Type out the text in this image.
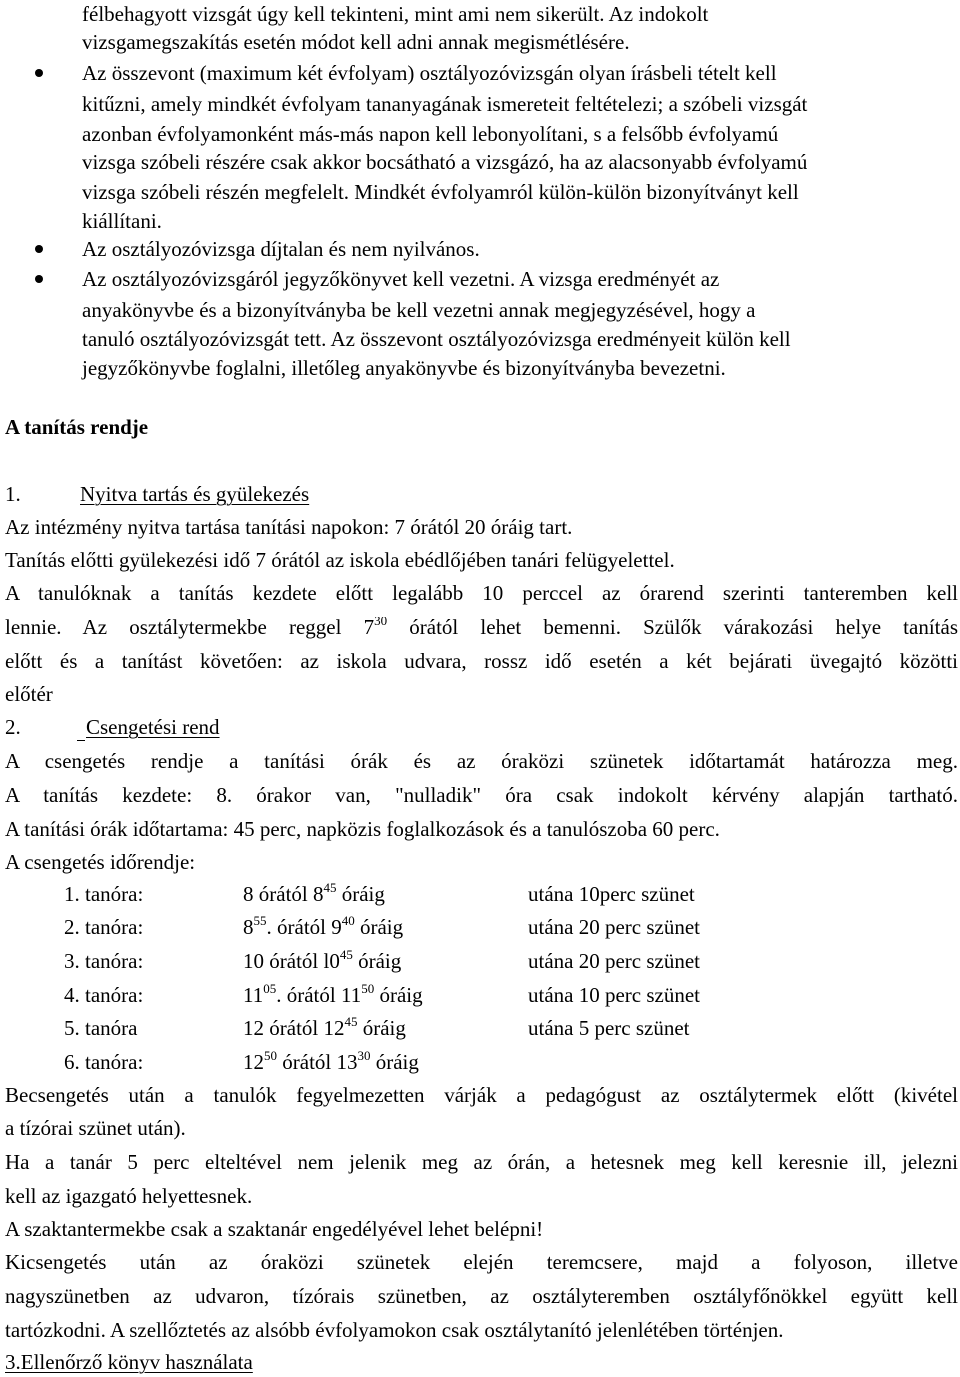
félbehagyott vizsgát úgy kell tekinteni, mint ami nem sikerült. Az indokolt
vizsgamegszakítás esetén módot kell adni annak megismétlésére.
Az összevont (maximum két évfolyam) osztályozóvizsgán olyan írásbeli tételt kell
kitűzni, amely mindkét évfolyam tananyagának ismereteit feltételezi; a szóbeli vizsgát
azonban évfolyamonként más-más napon kell lebonyolítani, s a felsőbb évfolyamú
vizsga szóbeli részére csak akkor bocsátható a vizsgázó, ha az alacsonyabb évfolyamú
vizsga szóbeli részén megfelelt. Mindkét évfolyamról külön-külön bizonyítványt kell
kiállítani.
Az osztályozóvizsga díjtalan és nem nyilvános.
Az osztályozóvizsgáról jegyzőkönyvet kell vezetni. A vizsga eredményét az
anyakönyvbe és a bizonyítványba be kell vezetni annak megjegyzésével, hogy a
tanuló osztályozóvizsgát tett. Az összevont osztályozóvizsga eredményeit külön kell
jegyzőkönyvbe foglalni, illetőleg anyakönyvbe és bizonyítványba bevezetni.
A tanítás rendje
1.	Nyitva tartás és gyülekezés
Az intézmény nyitva tartása tanítási napokon: 7 órától 20 óráig tart.
Tanítás előtti gyülekezési idő 7 órától az iskola ebédlőjében tanári felügyelettel.
A tanulóknak a tanítás kezdete előtt legalább 10 perccel az órarend szerinti tanteremben kell
lennie. Az osztálytermekbe reggel $7^{30}$ órától lehet bemenni. Szülők várakozási helye tanítás
előtt és a tanítást követően: az iskola udvara, rossz idő esetén a két bejárati üvegajtó közötti
előtér
2.	Csengetési rend
A csengetés rendje a tanítási órák és az óraközi szünetek időtartamát határozza meg.
A tanítás kezdete: 8. órakor van, "nulladik" óra csak indokolt kérvény alapján tartható.
A tanítási órák időtartama: 45 perc, napközis foglalkozások és a tanulószoba 60 perc.
A csengetés időrendje:
1. tanóra:	8 órától $8^{45}$ óráig	utána 10perc szünet
2. tanóra:	$8^{55}$. órától $9^{40}$ óráig	utána 20 perc szünet
3. tanóra:	10 órától $l0^{45}$ óráig	utána 20 perc szünet
4. tanóra:	$11^{05}$. órától $11^{50}$ óráig	utána 10 perc szünet
5. tanóra	12 órától $12^{45}$ óráig	utána 5 perc szünet
6. tanóra:	$12^{50}$ órától $13^{30}$ óráig
Becsengetés után a tanulók fegyelmezetten várják a pedagógust az osztálytermek előtt (kivétel
a tízórai szünet után).
Ha a tanár 5 perc elteltével nem jelenik meg az órán, a hetesnek meg kell keresnie ill, jelezni
kell az igazgató helyettesnek.
A szaktantermekbe csak a szaktanár engedélyével lehet belépni!
Kicsengetés után az óraközi szünetek elején teremcsere, majd a folyoson, illetve
nagyszünetben az udvaron, tízórais szünetben, az osztályteremben osztályfőnökkel együtt kell
tartózkodni. A szellőztetés az alsóbb évfolyamokon csak osztálytanító jelenlétében történjen.
3.Ellenőrző könyv használata
